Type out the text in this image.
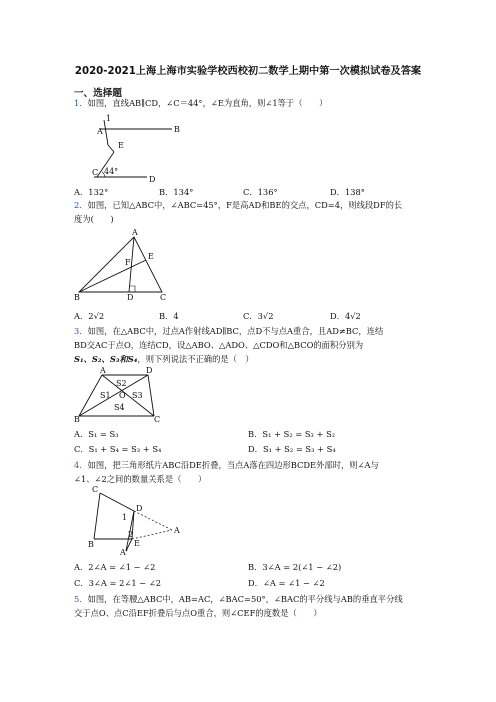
2020-2021上海上海市实验学校西校初二数学上期中第一次模拟试卷及答案
一、选择题
1．如图，直线AB∥CD，∠C＝44°，∠E为直角，则∠1等于（　　）
1
A	B
E
C 44°
D
A．132°	B．134°	C．136°	D．138°
2．如图，已知△ABC中，∠ABC=45°，F是高AD和BE的交点，CD=4，则线段DF的长
度为(　　)
A
E
F
B	D	C
A．2√2	B．4	C．3√2	D．4√2
3．如图，在△ABC中，过点A作射线AD∥BC，点D不与点A重合，且AD≠BC，连结
BD交AC于点O，连结CD，设△ABO、△ADO、△CDO和△BCO的面积分别为
S₁、S₂、S₃和S₄，则下列说法不正确的是（　）
A	D
S2
O
S1	S3
S4
B	C
A．S₁ = S₃	B．S₁ + S₂ = S₃ + S₂
C．S₁ + S₄ = S₃ + S₄	D．S₁ + S₂ = S₃ + S₄
4．如图，把三角形纸片ABC沿DE折叠，当点A落在四边形BCDE外部时，则∠A与
∠1、∠2之间的数量关系是（　　）
C
1
D
2	A
B	E
A'
A．2∠A = ∠1 − ∠2	B．3∠A = 2(∠1 − ∠2)
C．3∠A = 2∠1 − ∠2	D．∠A = ∠1 − ∠2
5．如图，在等腰△ABC中，AB=AC，∠BAC=50°，∠BAC的平分线与AB的垂直平分线
交于点O、点C沿EF折叠后与点O重合，则∠CEF的度数是（　　）
